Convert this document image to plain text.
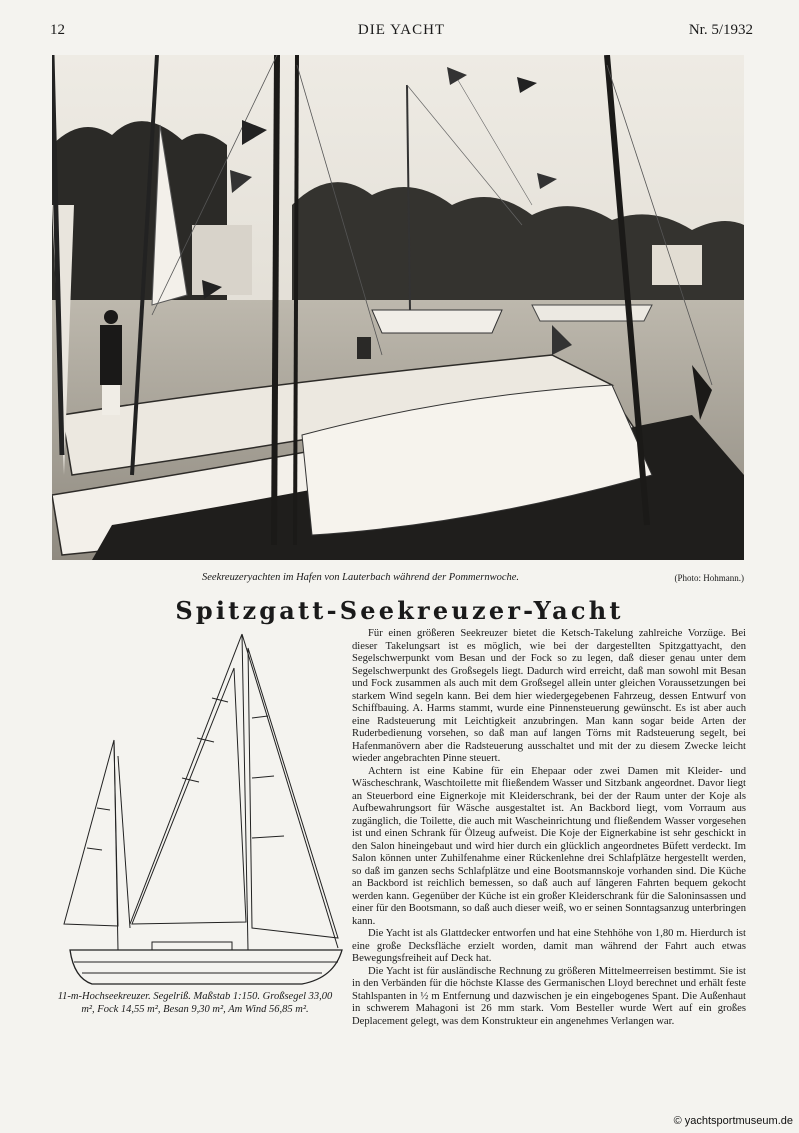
12	DIE YACHT	Nr. 5/1932
Seekreuzeryachten im Hafen von Lauterbach während der Pommernwoche.	(Photo: Hohmann.)
Spitzgatt-Seekreuzer-Yacht
11-m-Hochseekreuzer. Segelriß. Maßstab 1:150. Großsegel 33,00 m², Fock 14,55 m², Besan 9,30 m², Am Wind 56,85 m².

Für einen größeren Seekreuzer bietet die Ketsch-Takelung zahlreiche Vorzüge. Bei dieser Takelungsart ist es möglich, wie bei der dargestellten Spitzgattyacht, den Segelschwerpunkt vom Besan und der Fock so zu legen, daß dieser genau unter dem Segelschwerpunkt des Großsegels liegt. Dadurch wird erreicht, daß man sowohl mit Besan und Fock zusammen als auch mit dem Großsegel allein unter gleichen Voraussetzungen bei starkem Wind segeln kann. Bei dem hier wiedergegebenen Fahrzeug, dessen Entwurf von Schiffbauing. A. Harms stammt, wurde eine Pinnensteuerung gewünscht. Es ist aber auch eine Radsteuerung mit Leichtigkeit anzubringen. Man kann sogar beide Arten der Ruderbedienung vorsehen, so daß man auf langen Törns mit Radsteuerung segelt, bei Hafenmanövern aber die Radsteuerung ausschaltet und mit der zu diesem Zwecke leicht wieder angebrachten Pinne steuert.

Achtern ist eine Kabine für ein Ehepaar oder zwei Damen mit Kleider- und Wäscheschrank, Waschtoilette mit fließendem Wasser und Sitzbank angeordnet. Davor liegt an Steuerbord eine Eignerkoje mit Kleiderschrank, bei der der Raum unter der Koje als Aufbewahrungsort für Wäsche ausgestaltet ist. An Backbord liegt, vom Vorraum aus zugänglich, die Toilette, die auch mit Wascheinrichtung und fließendem Wasser vorgesehen ist und einen Schrank für Ölzeug aufweist. Die Koje der Eignerkabine ist sehr geschickt in den Salon hineingebaut und wird hier durch ein glücklich angeordnetes Büfett verdeckt. Im Salon können unter Zuhilfenahme einer Rückenlehne drei Schlafplätze hergestellt werden, so daß im ganzen sechs Schlafplätze und eine Bootsmannskoje vorhanden sind. Die Küche an Backbord ist reichlich bemessen, so daß auch auf längeren Fahrten bequem gekocht werden kann. Gegenüber der Küche ist ein großer Kleiderschrank für die Saloninsassen und einer für den Bootsmann, so daß auch dieser weiß, wo er seinen Sonntagsanzug unterbringen kann.

Die Yacht ist als Glattdecker entworfen und hat eine Stehhöhe von 1,80 m. Hierdurch ist eine große Decksfläche erzielt worden, damit man während der Fahrt auch etwas Bewegungsfreiheit auf Deck hat.

Die Yacht ist für ausländische Rechnung zu größeren Mittelmeerreisen bestimmt. Sie ist in den Verbänden für die höchste Klasse des Germanischen Lloyd berechnet und erhält feste Stahlspanten in ½ m Entfernung und dazwischen je ein eingebogenes Spant. Die Außenhaut in schwerem Mahagoni ist 26 mm stark. Vom Besteller wurde Wert auf ein großes Deplacement gelegt, was dem Konstrukteur ein angenehmes Verlangen war.

© yachtsportmuseum.de
